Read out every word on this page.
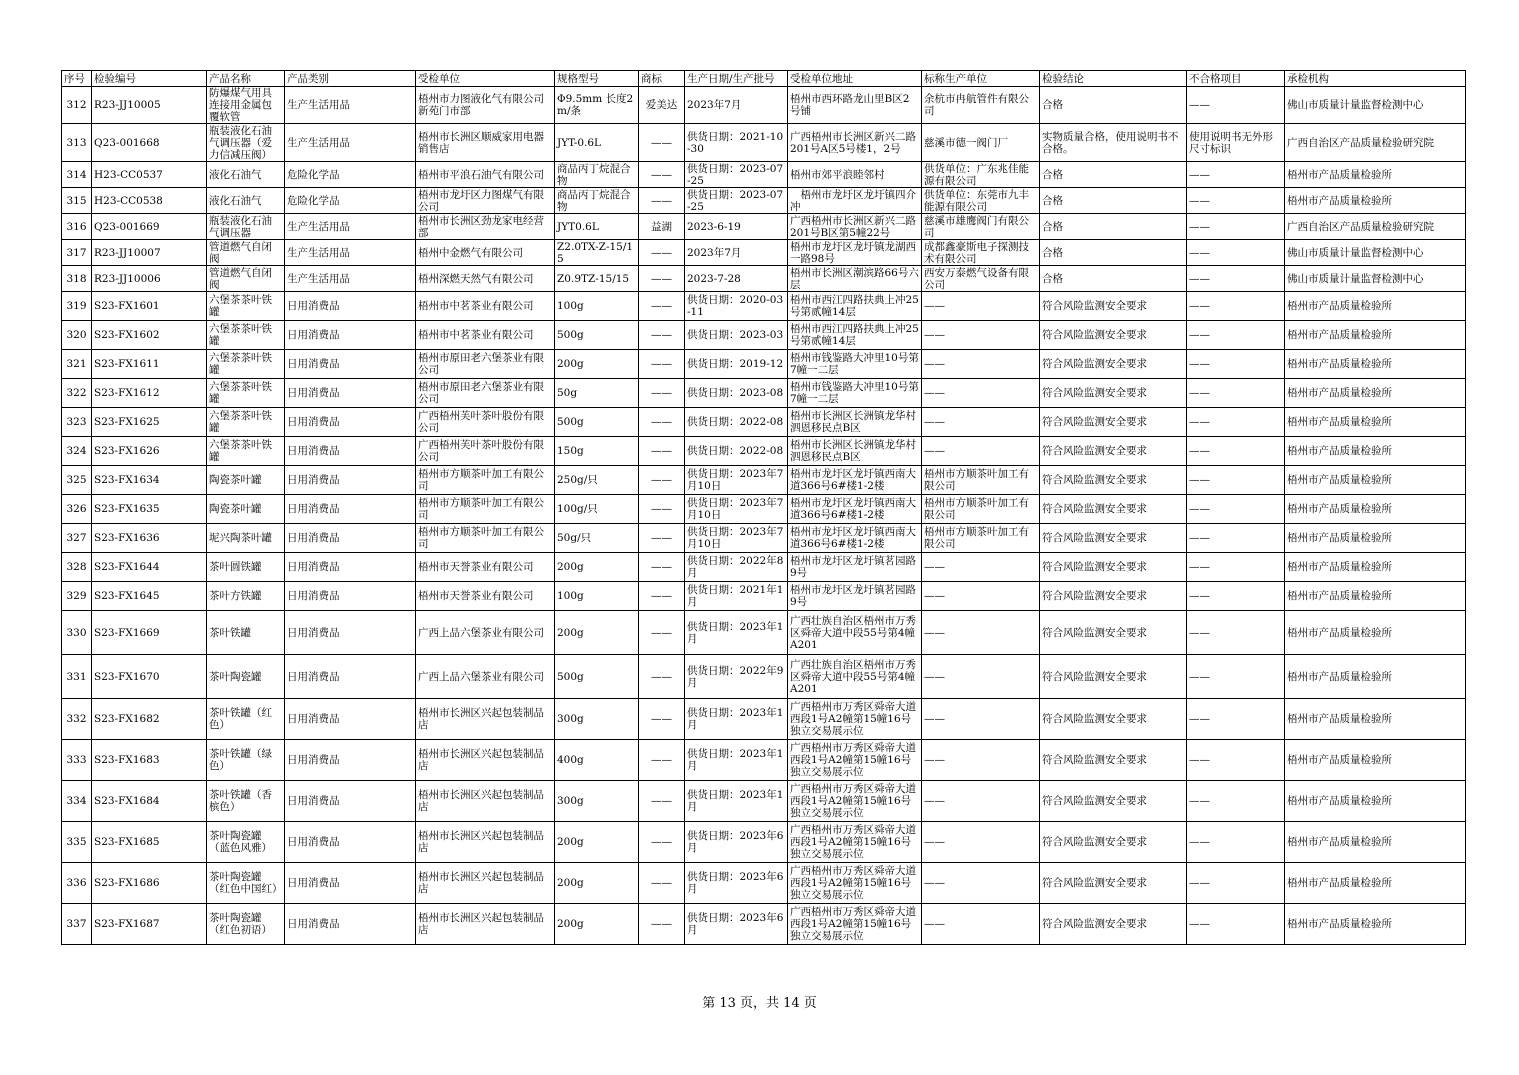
序号	检验编号	产品名称	产品类别	受检单位	规格型号	商标	生产日期/生产批号	受检单位地址	标称生产单位	检验结论	不合格项目	承检机构
312	R23-JJ10005	防爆煤气用具连接用金属包覆软管	生产生活用品	梧州市力图液化气有限公司新苑门市部	Φ9.5mm 长度2m/条	爱美达	2023年7月	梧州市西环路龙山里B区2号铺	余杭市冉航管件有限公司	合格	——	佛山市质量计量监督检测中心
313	Q23-001668	瓶装液化石油气调压器（爱力信减压阀）	生产生活用品	梧州市长洲区顺威家用电器销售店	JYT-0.6L	——	供货日期：2021-10-30	广西梧州市长洲区新兴二路201号A区5号楼1，2号	慈溪市德一阀门厂	实物质量合格，使用说明书不合格。	使用说明书无外形尺寸标识	广西自治区产品质量检验研究院
314	H23-CC0537	液化石油气	危险化学品	梧州市平浪石油气有限公司	商品丙丁烷混合物	——	供货日期：2023-07-25	梧州市郊平浪睦邻村	供货单位：广东兆佳能源有限公司	合格	——	梧州市产品质量检验所
315	H23-CC0538	液化石油气	危险化学品	梧州市龙圩区力图煤气有限公司	商品丙丁烷混合物	——	供货日期：2023-07-25	　梧州市龙圩区龙圩镇四介冲	供货单位：东莞市九丰能源有限公司	合格	——	梧州市产品质量检验所
316	Q23-001669	瓶装液化石油气调压器	生产生活用品	梧州市长洲区劲龙家电经营部	JYT0.6L	益湖	2023-6-19	广西梧州市长洲区新兴二路201号B区第5幢22号	慈溪市雄鹰阀门有限公司	合格	——	广西自治区产品质量检验研究院
317	R23-JJ10007	管道燃气自闭阀	生产生活用品	梧州中金燃气有限公司	Z2.0TX-Z-15/15	——	2023年7月	梧州市龙圩区龙圩镇龙湖西一路98号	成都鑫豪斯电子探测技术有限公司	合格	——	佛山市质量计量监督检测中心
318	R23-JJ10006	管道燃气自闭阀	生产生活用品	梧州深燃天然气有限公司	Z0.9TZ-15/15	——	2023-7-28	梧州市长洲区潮滨路66号六层	西安万泰燃气设备有限公司	合格	——	佛山市质量计量监督检测中心
319	S23-FX1601	六堡茶茶叶铁罐	日用消费品	梧州市中茗茶业有限公司	100g	——	供货日期：2020-03-11	梧州市西江四路扶典上冲25号第贰幢14层	——	符合风险监测安全要求	——	梧州市产品质量检验所
320	S23-FX1602	六堡茶茶叶铁罐	日用消费品	梧州市中茗茶业有限公司	500g	——	供货日期：2023-03	梧州市西江四路扶典上冲25号第贰幢14层	——	符合风险监测安全要求	——	梧州市产品质量检验所
321	S23-FX1611	六堡茶茶叶铁罐	日用消费品	梧州市原田老六堡茶业有限公司	200g	——	供货日期：2019-12	梧州市钱鉴路大冲里10号第7幢一二层	——	符合风险监测安全要求	——	梧州市产品质量检验所
322	S23-FX1612	六堡茶茶叶铁罐	日用消费品	梧州市原田老六堡茶业有限公司	50g	——	供货日期：2023-08	梧州市钱鉴路大冲里10号第7幢一二层	——	符合风险监测安全要求	——	梧州市产品质量检验所
323	S23-FX1625	六堡茶茶叶铁罐	日用消费品	广西梧州芙叶茶叶股份有限公司	500g	——	供货日期：2022-08	梧州市长洲区长洲镇龙华村泗恩移民点B区	——	符合风险监测安全要求	——	梧州市产品质量检验所
324	S23-FX1626	六堡茶茶叶铁罐	日用消费品	广西梧州芙叶茶叶股份有限公司	150g	——	供货日期：2022-08	梧州市长洲区长洲镇龙华村泗恩移民点B区	——	符合风险监测安全要求	——	梧州市产品质量检验所
325	S23-FX1634	陶瓷茶叶罐	日用消费品	梧州市方顺茶叶加工有限公司	250g/只	——	供货日期：2023年7月10日	梧州市龙圩区龙圩镇西南大道366号6#楼1-2楼	梧州市方顺茶叶加工有限公司	符合风险监测安全要求	——	梧州市产品质量检验所
326	S23-FX1635	陶瓷茶叶罐	日用消费品	梧州市方顺茶叶加工有限公司	100g/只	——	供货日期：2023年7月10日	梧州市龙圩区龙圩镇西南大道366号6#楼1-2楼	梧州市方顺茶叶加工有限公司	符合风险监测安全要求	——	梧州市产品质量检验所
327	S23-FX1636	坭兴陶茶叶罐	日用消费品	梧州市方顺茶叶加工有限公司	50g/只	——	供货日期：2023年7月10日	梧州市龙圩区龙圩镇西南大道366号6#楼1-2楼	梧州市方顺茶叶加工有限公司	符合风险监测安全要求	——	梧州市产品质量检验所
328	S23-FX1644	茶叶圆铁罐	日用消费品	梧州市天誉茶业有限公司	200g	——	供货日期：2022年8月	梧州市龙圩区龙圩镇茗园路9号	——	符合风险监测安全要求	——	梧州市产品质量检验所
329	S23-FX1645	茶叶方铁罐	日用消费品	梧州市天誉茶业有限公司	100g	——	供货日期：2021年1月	梧州市龙圩区龙圩镇茗园路9号	——	符合风险监测安全要求	——	梧州市产品质量检验所
330	S23-FX1669	茶叶铁罐	日用消费品	广西上品六堡茶业有限公司	200g	——	供货日期：2023年1月	广西壮族自治区梧州市万秀区舜帝大道中段55号第4幢A201	——	符合风险监测安全要求	——	梧州市产品质量检验所
331	S23-FX1670	茶叶陶瓷罐	日用消费品	广西上品六堡茶业有限公司	500g	——	供货日期：2022年9月	广西壮族自治区梧州市万秀区舜帝大道中段55号第4幢A201	——	符合风险监测安全要求	——	梧州市产品质量检验所
332	S23-FX1682	茶叶铁罐（红色）	日用消费品	梧州市长洲区兴起包装制品店	300g	——	供货日期：2023年1月	广西梧州市万秀区舜帝大道西段1号A2幢第15幢16号独立交易展示位	——	符合风险监测安全要求	——	梧州市产品质量检验所
333	S23-FX1683	茶叶铁罐（绿色）	日用消费品	梧州市长洲区兴起包装制品店	400g	——	供货日期：2023年1月	广西梧州市万秀区舜帝大道西段1号A2幢第15幢16号独立交易展示位	——	符合风险监测安全要求	——	梧州市产品质量检验所
334	S23-FX1684	茶叶铁罐（香槟色）	日用消费品	梧州市长洲区兴起包装制品店	300g	——	供货日期：2023年1月	广西梧州市万秀区舜帝大道西段1号A2幢第15幢16号独立交易展示位	——	符合风险监测安全要求	——	梧州市产品质量检验所
335	S23-FX1685	茶叶陶瓷罐（蓝色风雅）	日用消费品	梧州市长洲区兴起包装制品店	200g	——	供货日期：2023年6月	广西梧州市万秀区舜帝大道西段1号A2幢第15幢16号独立交易展示位	——	符合风险监测安全要求	——	梧州市产品质量检验所
336	S23-FX1686	茶叶陶瓷罐（红色中国红）	日用消费品	梧州市长洲区兴起包装制品店	200g	——	供货日期：2023年6月	广西梧州市万秀区舜帝大道西段1号A2幢第15幢16号独立交易展示位	——	符合风险监测安全要求	——	梧州市产品质量检验所
337	S23-FX1687	茶叶陶瓷罐（红色初语）	日用消费品	梧州市长洲区兴起包装制品店	200g	——	供货日期：2023年6月	广西梧州市万秀区舜帝大道西段1号A2幢第15幢16号独立交易展示位	——	符合风险监测安全要求	——	梧州市产品质量检验所
第 13 页，共 14 页
